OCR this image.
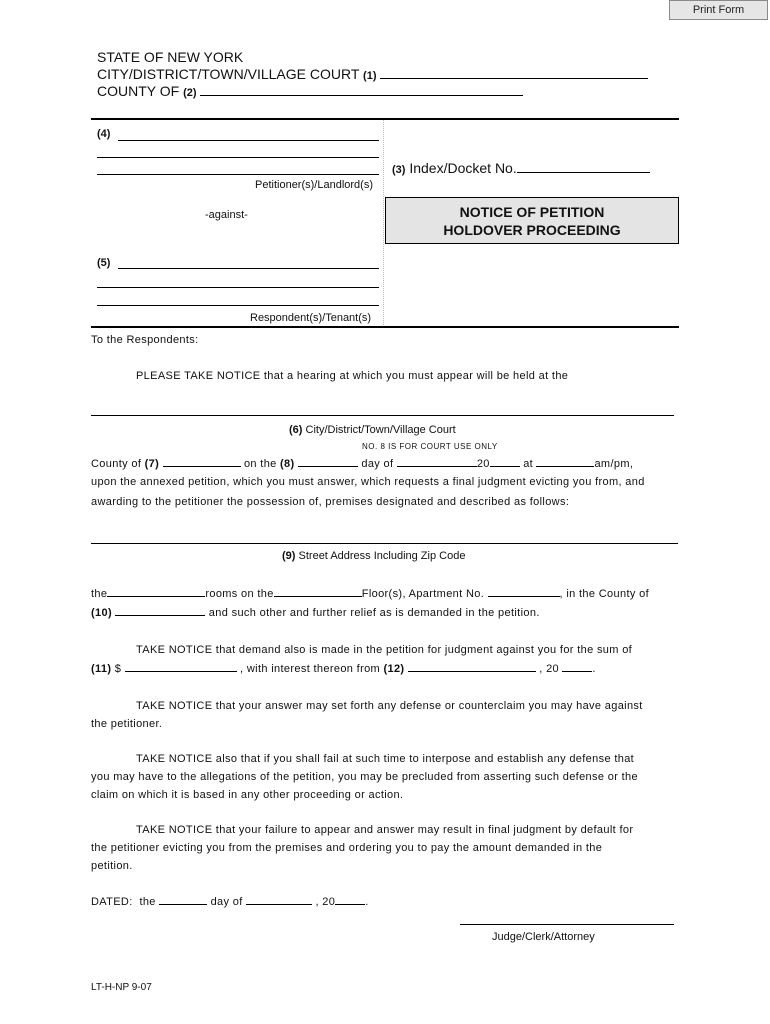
Print Form
STATE OF NEW YORK
CITY/DISTRICT/TOWN/VILLAGE COURT (1)
COUNTY OF (2)
(4)
Petitioner(s)/Landlord(s)
(3) Index/Docket No.
-against-	NOTICE OF PETITION
HOLDOVER PROCEEDING
(5)
Respondent(s)/Tenant(s)
To the Respondents:
PLEASE TAKE NOTICE that a hearing at which you must appear will be held at the
(6) City/District/Town/Village Court
NO. 8 IS FOR COURT USE ONLY
County of (7)	on the (8)	day of	20	at	am/pm,
upon the annexed petition, which you must answer, which requests a final judgment evicting you from, and
awarding to the petitioner the possession of, premises designated and described as follows:
(9) Street Address Including Zip Code
the	rooms on the	Floor(s), Apartment No.	, in the County of
(10)	and such other and further relief as is demanded in the petition.
TAKE NOTICE that demand also is made in the petition for judgment against you for the sum of
(11) $	, with interest thereon from (12)	, 20	.
TAKE NOTICE that your answer may set forth any defense or counterclaim you may have against
the petitioner.
TAKE NOTICE also that if you shall fail at such time to interpose and establish any defense that
you may have to the allegations of the petition, you may be precluded from asserting such defense or the
claim on which it is based in any other proceeding or action.
TAKE NOTICE that your failure to appear and answer may result in final judgment by default for
the petitioner evicting you from the premises and ordering you to pay the amount demanded in the
petition.
DATED: the	day of	, 20	.
Judge/Clerk/Attorney
LT-H-NP 9-07
